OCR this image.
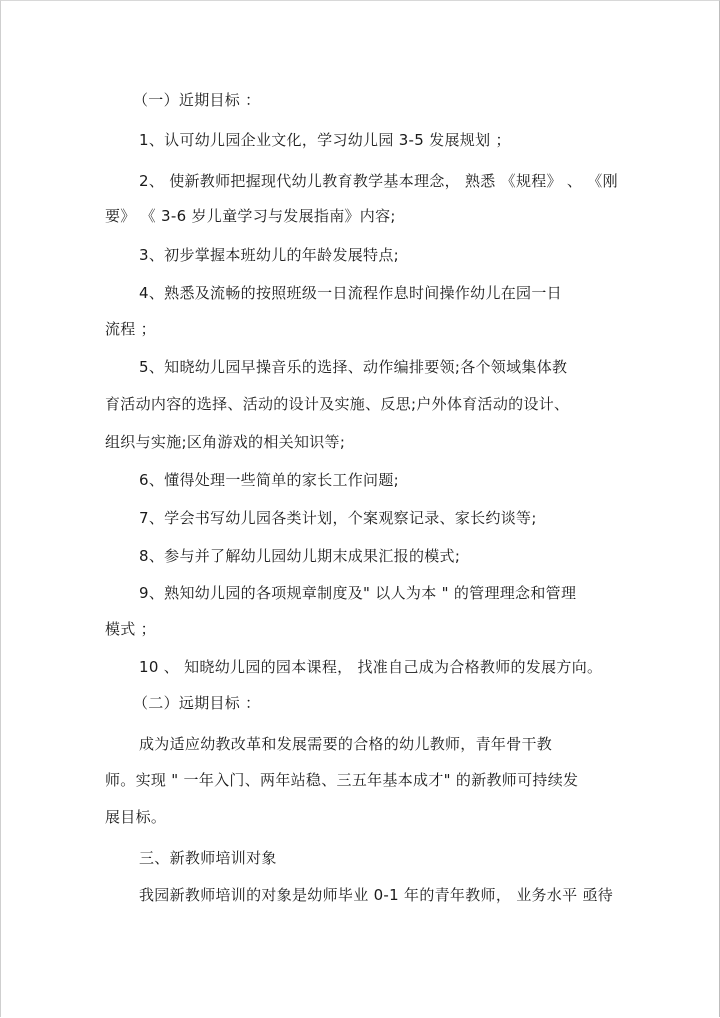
（一）近期目标 ：
1、认可幼儿园企业文化，学习幼儿园 3-5 发展规划 ；
2、 使新教师把握现代幼儿教育教学基本理念， 熟悉 《规程》 、 《刚
要》 《 3-6 岁儿童学习与发展指南》内容;
3、初步掌握本班幼儿的年龄发展特点;
4、熟悉及流畅的按照班级一日流程作息时间操作幼儿在园一日
流程 ；
5、知晓幼儿园早操音乐的选择、动作编排要领;各个领域集体教
育活动内容的选择、活动的设计及实施、反思;户外体育活动的设计、
组织与实施;区角游戏的相关知识等;
6、懂得处理一些简单的家长工作问题;
7、学会书写幼儿园各类计划，个案观察记录、家长约谈等;
8、参与并了解幼儿园幼儿期末成果汇报的模式;
9、熟知幼儿园的各项规章制度及" 以人为本 " 的管理理念和管理
模式 ；
10 、 知晓幼儿园的园本课程， 找准自己成为合格教师的发展方向。
（二）远期目标 ：
成为适应幼教改革和发展需要的合格的幼儿教师，青年骨干教
师。实现 " 一年入门、两年站稳、三五年基本成才" 的新教师可持续发
展目标。
三、新教师培训对象
我园新教师培训的对象是幼师毕业 0-1 年的青年教师， 业务水平 亟待
